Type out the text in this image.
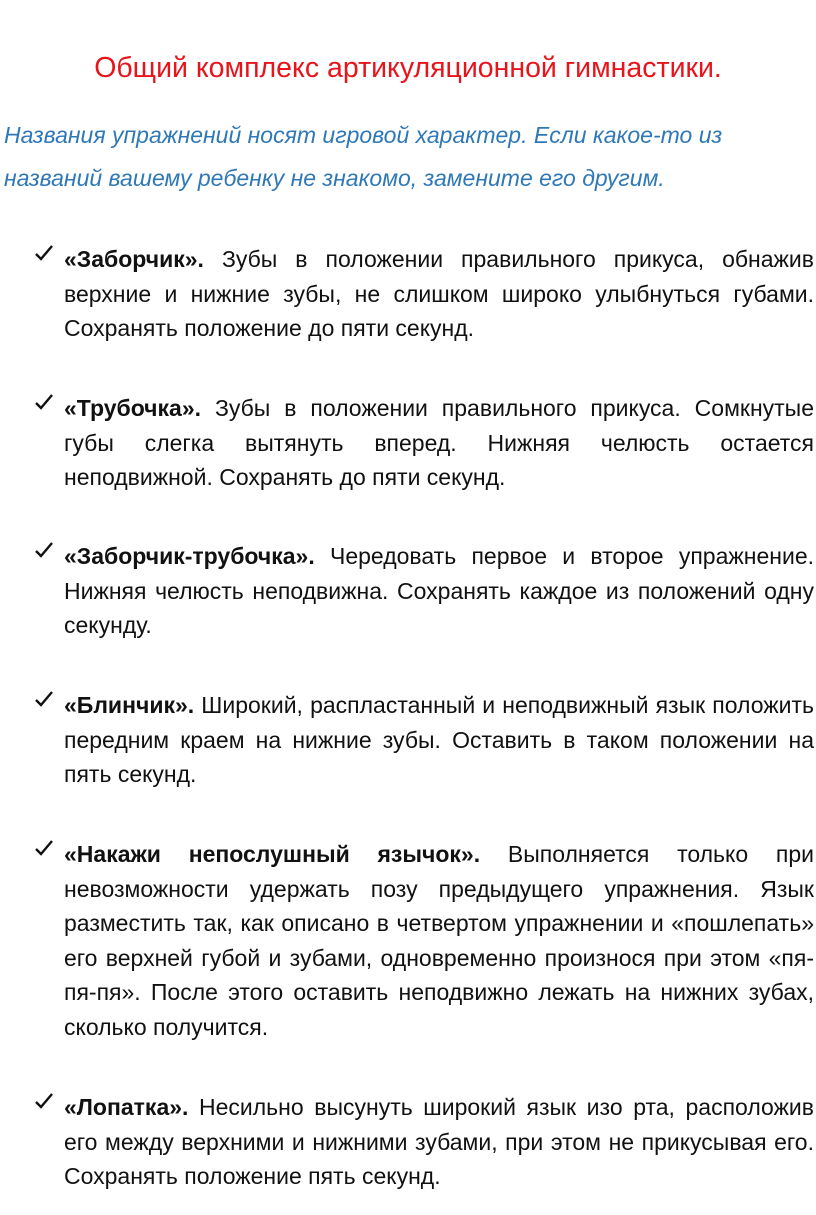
Общий комплекс артикуляционной гимнастики.
Названия упражнений носят игровой характер. Если какое-то из названий вашему ребенку не знакомо, замените его другим.
«Заборчик». Зубы в положении правильного прикуса, обнажив верхние и нижние зубы, не слишком широко улыбнуться губами. Сохранять положение до пяти секунд.
«Трубочка». Зубы в положении правильного прикуса. Сомкнутые губы слегка вытянуть вперед. Нижняя челюсть остается неподвижной. Сохранять до пяти секунд.
«Заборчик-трубочка». Чередовать первое и второе упражнение. Нижняя челюсть неподвижна. Сохранять каждое из положений одну секунду.
«Блинчик». Широкий, распластанный и неподвижный язык положить передним краем на нижние зубы. Оставить в таком положении на пять секунд.
«Накажи непослушный язычок». Выполняется только при невозможности удержать позу предыдущего упражнения. Язык разместить так, как описано в четвертом упражнении и «пошлепать» его верхней губой и зубами, одновременно произнося при этом «пя-пя-пя». После этого оставить неподвижно лежать на нижних зубах, сколько получится.
«Лопатка». Несильно высунуть широкий язык изо рта, расположив его между верхними и нижними зубами, при этом не прикусывая его. Сохранять положение пять секунд.
